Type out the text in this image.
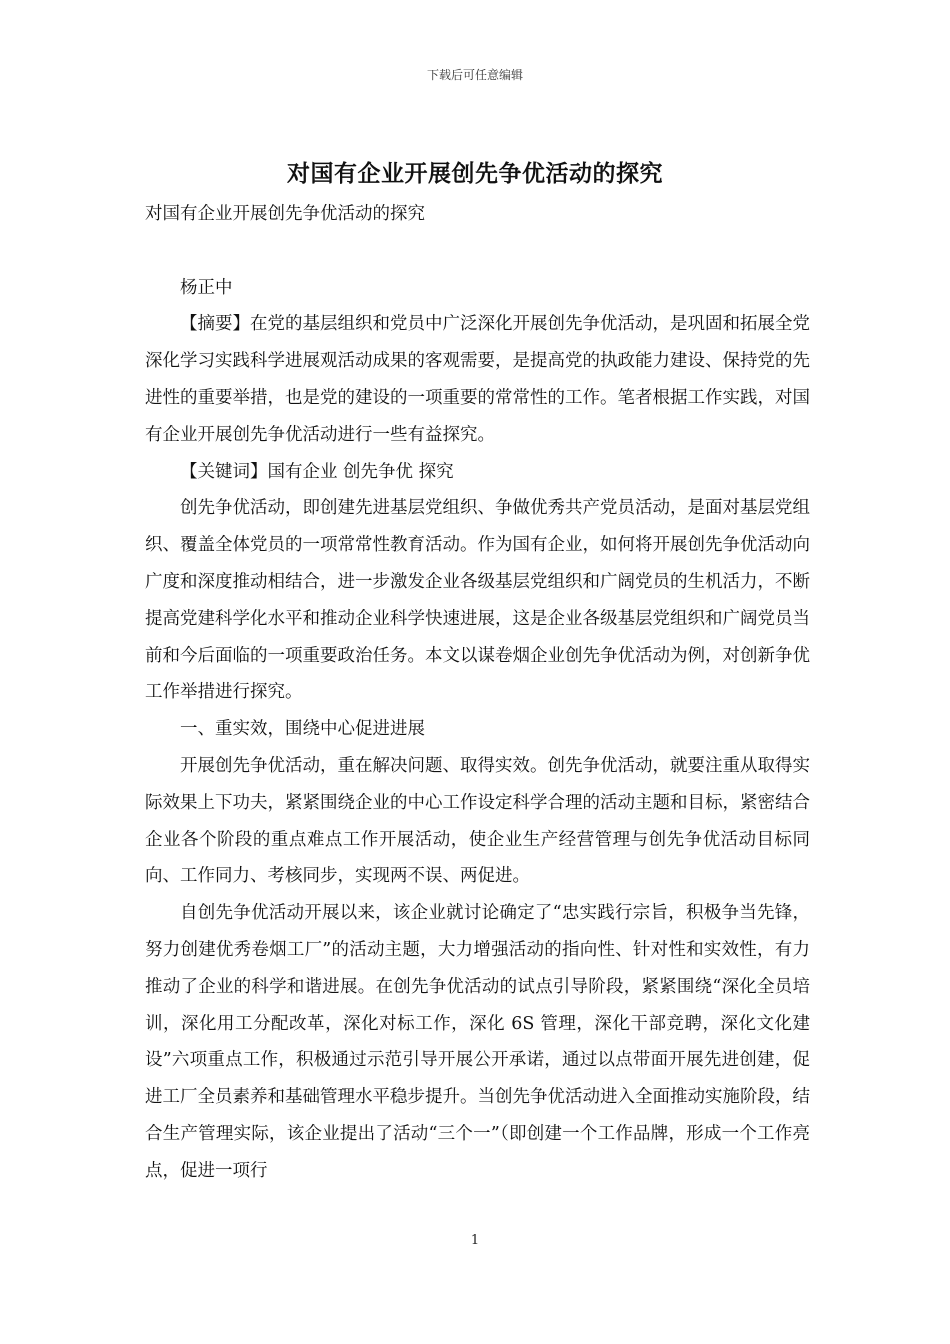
下载后可任意编辑
对国有企业开展创先争优活动的探究

对国有企业开展创先争优活动的探究

杨正中

【摘要】在党的基层组织和党员中广泛深化开展创先争优活动，是巩固和拓展全党深化学习实践科学进展观活动成果的客观需要，是提高党的执政能力建设、保持党的先进性的重要举措，也是党的建设的一项重要的常常性的工作。笔者根据工作实践，对国有企业开展创先争优活动进行一些有益探究。

【关键词】国有企业 创先争优 探究

创先争优活动，即创建先进基层党组织、争做优秀共产党员活动，是面对基层党组织、覆盖全体党员的一项常常性教育活动。作为国有企业，如何将开展创先争优活动向广度和深度推动相结合，进一步激发企业各级基层党组织和广阔党员的生机活力，不断提高党建科学化水平和推动企业科学快速进展，这是企业各级基层党组织和广阔党员当前和今后面临的一项重要政治任务。本文以谋卷烟企业创先争优活动为例，对创新争优工作举措进行探究。

一、重实效，围绕中心促进进展

开展创先争优活动，重在解决问题、取得实效。创先争优活动，就要注重从取得实际效果上下功夫，紧紧围绕企业的中心工作设定科学合理的活动主题和目标，紧密结合企业各个阶段的重点难点工作开展活动，使企业生产经营管理与创先争优活动目标同向、工作同力、考核同步，实现两不误、两促进。

自创先争优活动开展以来，该企业就讨论确定了“忠实践行宗旨，积极争当先锋，努力创建优秀卷烟工厂”的活动主题，大力增强活动的指向性、针对性和实效性，有力推动了企业的科学和谐进展。在创先争优活动的试点引导阶段，紧紧围绕“深化全员培训，深化用工分配改革，深化对标工作，深化 6S 管理，深化干部竞聘，深化文化建设”六项重点工作，积极通过示范引导开展公开承诺，通过以点带面开展先进创建，促进工厂全员素养和基础管理水平稳步提升。当创先争优活动进入全面推动实施阶段，结合生产管理实际，该企业提出了活动“三个一”（即创建一个工作品牌，形成一个工作亮点，促进一项行

1
